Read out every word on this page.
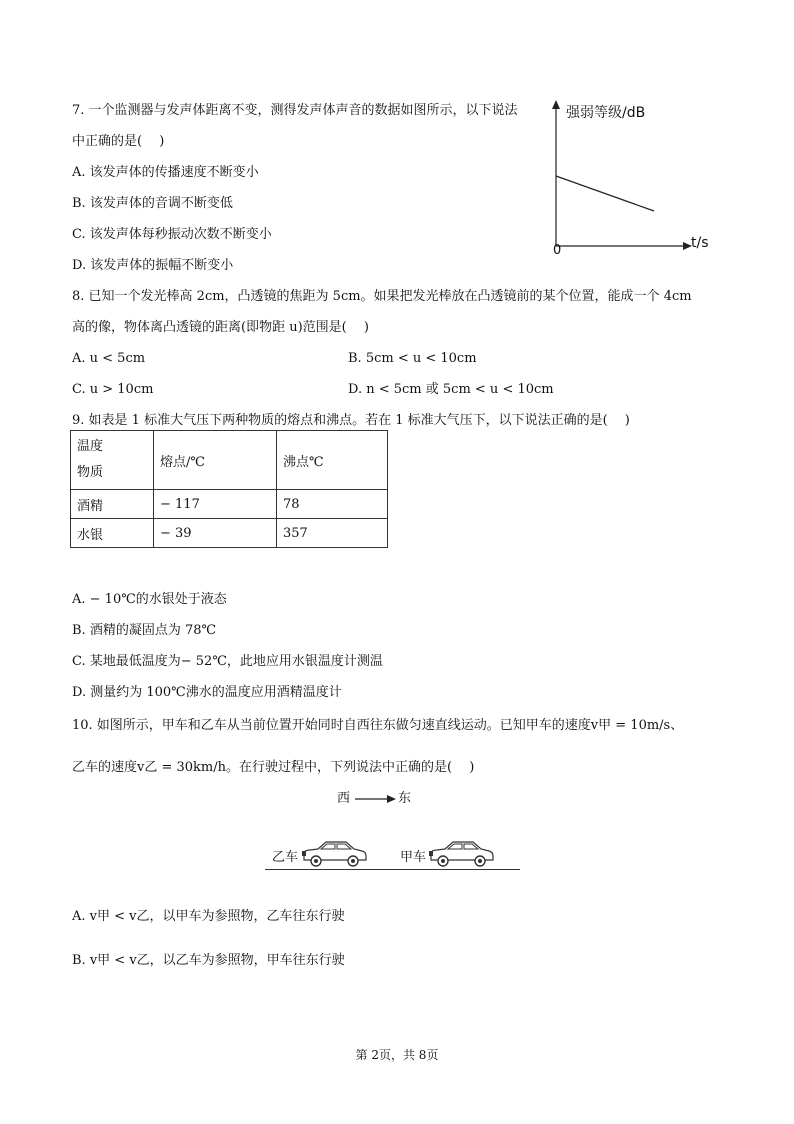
7. 一个监测器与发声体距离不变，测得发声体声音的数据如图所示，以下说法
中正确的是(　 )
A. 该发声体的传播速度不断变小
B. 该发声体的音调不断变低
C. 该发声体每秒振动次数不断变小
D. 该发声体的振幅不断变小
强弱等级/dB
t/s
0
8. 已知一个发光棒高 2cm，凸透镜的焦距为 5cm。如果把发光棒放在凸透镜前的某个位置，能成一个 4cm
高的像，物体离凸透镜的距离(即物距 u)范围是(　 )
A. u < 5cm	B. 5cm < u < 10cm
C. u > 10cm	D. n < 5cm 或 5cm < u < 10cm
9. 如表是 1 标准大气压下两种物质的熔点和沸点。若在 1 标准大气压下，以下说法正确的是(　 )
温度
物质	熔点/℃	沸点℃
酒精	− 117	78
水银	− 39	357
A. − 10℃的水银处于液态
B. 酒精的凝固点为 78℃
C. 某地最低温度为− 52℃，此地应用水银温度计测温
D. 测量约为 100℃沸水的温度应用酒精温度计
10. 如图所示，甲车和乙车从当前位置开始同时自西往东做匀速直线运动。已知甲车的速度v甲 = 10m/s、
乙车的速度v乙 = 30km/h。在行驶过程中，下列说法中正确的是(　 )
西	东
乙车	甲车
A. v甲 < v乙，以甲车为参照物，乙车往东行驶
B. v甲 < v乙，以乙车为参照物，甲车往东行驶
第 2页，共 8页
